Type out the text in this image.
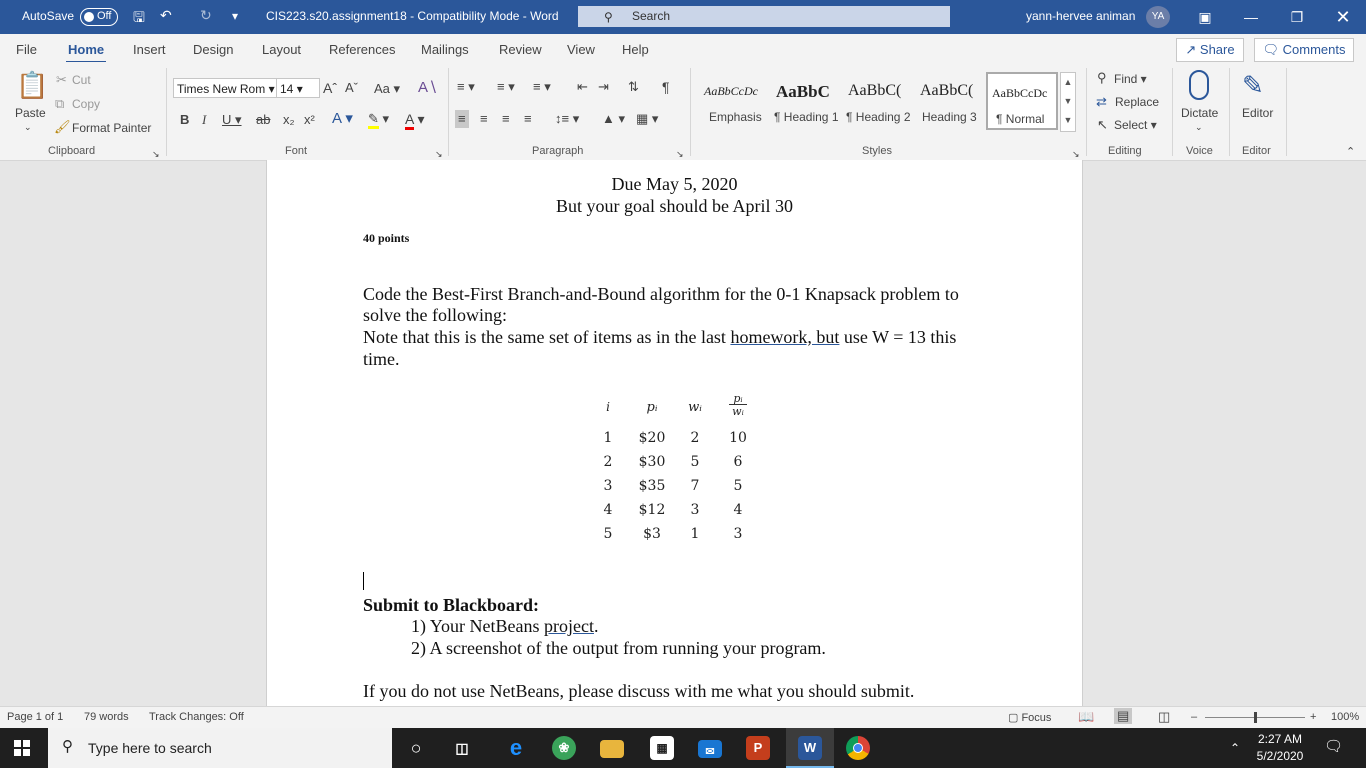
AutoSave Off 🖫 ↶ ↻ ▾ CIS223.s20.assignment18 - Compatibility Mode - Word	⚲ Search	yann-hervee animan	YA	▣	—	❐	✕
File Home Insert Design Layout References Mailings Review View Help	↗ Share	🗨 Comments
📋
Paste
⌄
✂ Cut
⧉ Copy
🖌 Format Painter
Clipboard	↘
Times New Rom ▾ 14 ▾	Aˆ Aˇ Aa ▾ A∖
B I U ▾ ab x₂ x² A ▾ ✎ ▾ A ▾
Font	↘
≡ ▾ ≡ ▾ ≡ ▾ ⇤ ⇥ ⇅ ¶
≡ ≡ ≡ ≡ ↕≡ ▾ ▲ ▾ ▦ ▾
Paragraph	↘
AaBbCcDc
Emphasis
AaBbC
¶ Heading 1
AaBbC(
¶ Heading 2
AaBbC(
Heading 3
AaBbCcDc
¶ Normal
▲
▼
▼
Styles	↘
⚲ Find ▾
⇄ Replace
↖ Select ▾
Editing
Dictate
⌄
Voice
✎
Editor
Editor	⌃
Due May 5, 2020
But your goal should be April 30
40 points
Code the Best-First Branch-and-Bound algorithm for the 0-1 Knapsack problem to
solve the following:
Note that this is the same set of items as in the last homework, but use W = 13 this
time.
i	pᵢ	wᵢ
pᵢ
wᵢ
1	$20	2	10
2	$30	5	6
3	$35	7	5
4	$12	3	4
5	$3	1	3
Submit to Blackboard:
1) Your NetBeans project.
2) A screenshot of the output from running your program.
If you do not use NetBeans, please discuss with me what you should submit.
Page 1 of 1 79 words Track Changes: Off	▢ Focus 📖 ▤ ◫ –	+ 100%
⚲ Type here to search	○	◫ e	❀	▦	✉	P	W	⌃
2:27 AM
5/2/2020
🗨
